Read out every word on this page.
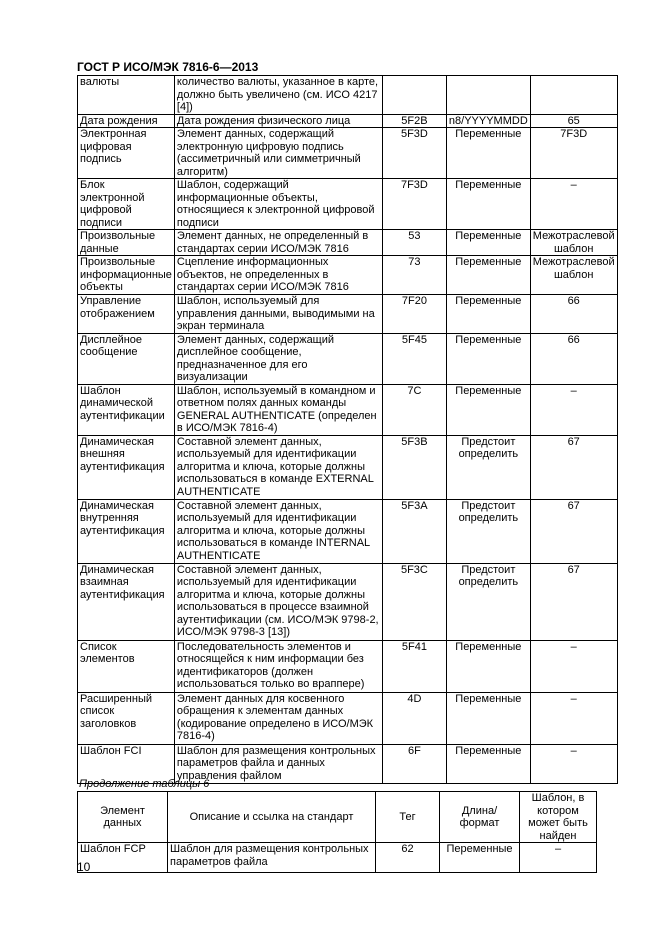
ГОСТ Р ИСО/МЭК 7816-6—2013
валюты	количество валюты, указанное в карте, должно быть увеличено (см. ИСО 4217 [4])			
Дата рождения	Дата рождения физического лица	5F2B	n8/YYYYMMDD	65
Электронная цифровая подпись	Элемент данных, содержащий электронную цифровую подпись (ассиметричный или симметричный алгоритм)	5F3D	Переменные	7F3D
Блок электронной цифровой подписи	Шаблон, содержащий информационные объекты, относящиеся к электронной цифровой подписи	7F3D	Переменные	–
Произвольные данные	Элемент данных, не определенный в стандартах серии ИСО/МЭК 7816	53	Переменные	Межотраслевой шаблон
Произвольные информационные объекты	Сцепление информационных объектов, не определенных в стандартах серии ИСО/МЭК 7816	73	Переменные	Межотраслевой шаблон
Управление отображением	Шаблон, используемый для управления данными, выводимыми на экран терминала	7F20	Переменные	66
Дисплейное сообщение	Элемент данных, содержащий дисплейное сообщение, предназначенное для его визуализации	5F45	Переменные	66
Шаблон динамической аутентификации	Шаблон, используемый в командном и ответном полях данных команды GENERAL AUTHENTICATE (определен в ИСО/МЭК 7816-4)	7C	Переменные	–
Динамическая внешняя аутентификация	Составной элемент данных, используемый для идентификации алгоритма и ключа, которые должны использоваться в команде EXTERNAL AUTHENTICATE	5F3B	Предстоит определить	67
Динамическая внутренняя аутентификация	Составной элемент данных, используемый для идентификации алгоритма и ключа, которые должны использоваться в команде INTERNAL AUTHENTICATE	5F3A	Предстоит определить	67
Динамическая взаимная аутентификация	Составной элемент данных, используемый для идентификации алгоритма и ключа, которые должны использоваться в процессе взаимной аутентификации (см. ИСО/МЭК 9798-2, ИСО/МЭК 9798-3 [13])	5F3C	Предстоит определить	67
Список элементов	Последовательность элементов и относящейся к ним информации без идентификаторов (должен использоваться только во враппере)	5F41	Переменные	–
Расширенный список заголовков	Элемент данных для косвенного обращения к элементам данных (кодирование определено в ИСО/МЭК 7816-4)	4D	Переменные	–
Шаблон FCI	Шаблон для размещения контрольных параметров файла и данных управления файлом	6F	Переменные	–
Продолжение таблицы 6
Элемент данных	Описание и ссылка на стандарт	Тег	Длина/формат	Шаблон, в котором может быть найден
Шаблон FCP	Шаблон для размещения контрольных параметров файла	62	Переменные	–
10
